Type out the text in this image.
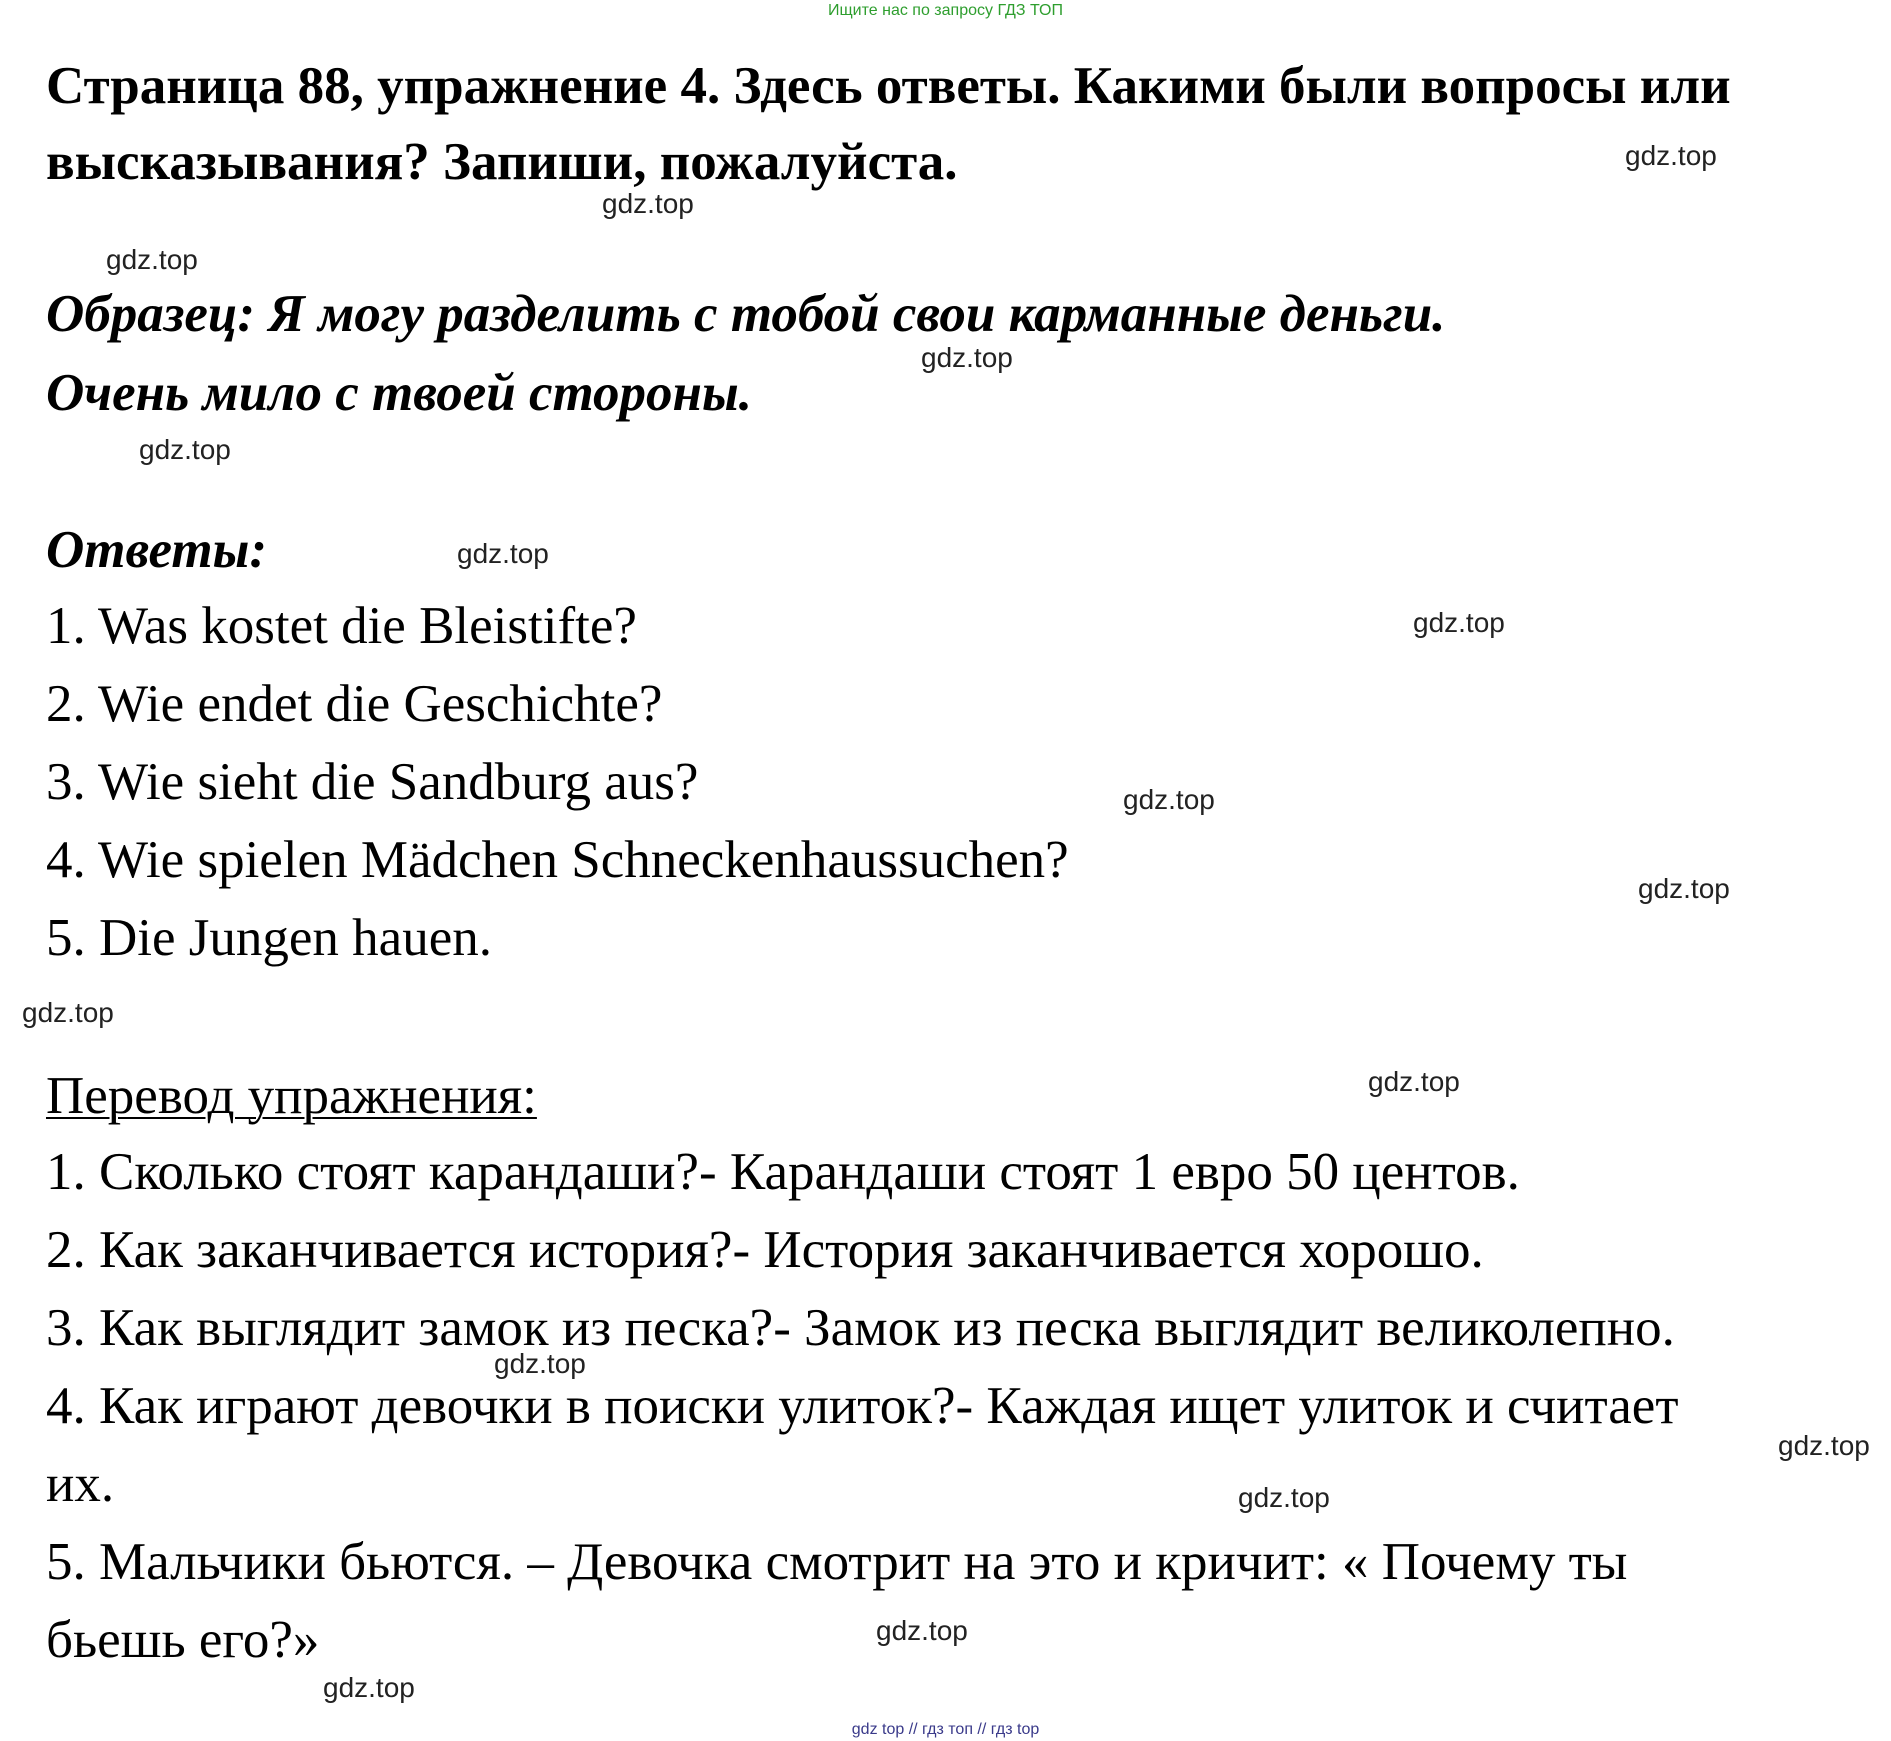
Ищите нас по запросу ГДЗ ТОП
Страница 88, упражнение 4. Здесь ответы. Какими были вопросы или высказывания? Запиши, пожалуйста.
Образец: Я могу разделить с тобой свои карманные деньги.
Очень мило с твоей стороны.
Ответы:
1. Was kostet die Bleistifte?
2. Wie endet die Geschichte?
3. Wie sieht die Sandburg aus?
4. Wie spielen Mädchen Schneckenhaussuchen?
5. Die Jungen hauen.
Перевод упражнения:
1. Сколько стоят карандаши?- Карандаши стоят 1 евро 50 центов.
2. Как заканчивается история?- История заканчивается хорошо.
3. Как выглядит замок из песка?- Замок из песка выглядит великолепно.
4. Как играют девочки в поиски улиток?- Каждая ищет улиток и считает
их.
5. Мальчики бьются. – Девочка смотрит на это и кричит: « Почему ты
бьешь его?»
gdz.top
gdz.top
gdz.top
gdz.top
gdz.top
gdz.top
gdz.top
gdz.top
gdz.top
gdz.top
gdz.top
gdz.top
gdz.top
gdz.top
gdz.top
gdz.top
gdz top // гдз топ // гдз top
